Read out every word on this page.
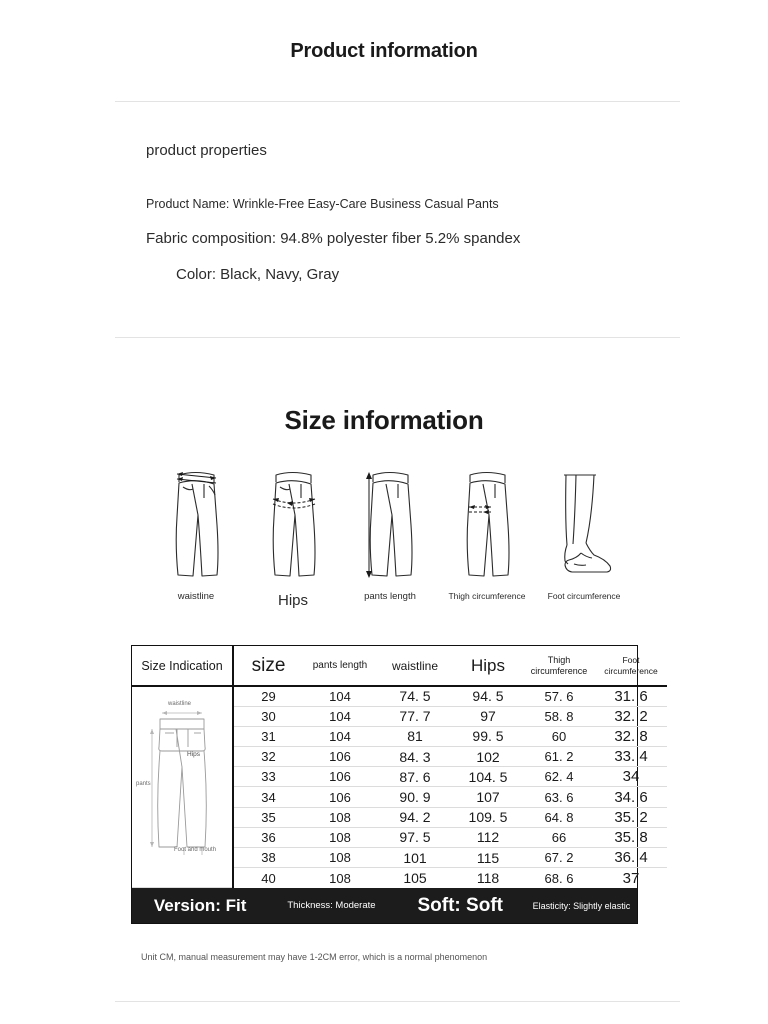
Product information
product properties
Product Name: Wrinkle-Free Easy-Care Business Casual Pants
Fabric composition: 94.8% polyester fiber 5.2% spandex
Color: Black, Navy, Gray
Size information
waistline	Hips	pants length	Thigh circumference	Foot circumference
Size Indication	size	pants length	waistline	Hips	Thigh circumference	Foot circumference

waistline
pants
Hips
Foot and mouth	29	104	74. 5	94. 5	57. 6	31. 6
	30	104	77. 7	97	58. 8	32. 2
	31	104	81	99. 5	60	32. 8
	32	106	84. 3	102	61. 2	33. 4
	33	106	87. 6	104. 5	62. 4	34
	34	106	90. 9	107	63. 6	34. 6
	35	108	94. 2	109. 5	64. 8	35. 2
	36	108	97. 5	112	66	35. 8
	38	108	101	115	67. 2	36. 4
	40	108	105	118	68. 6	37
Version: Fit	Thickness: Moderate	Soft: Soft	Elasticity: Slightly elastic
Unit CM, manual measurement may have 1-2CM error, which is a normal phenomenon
